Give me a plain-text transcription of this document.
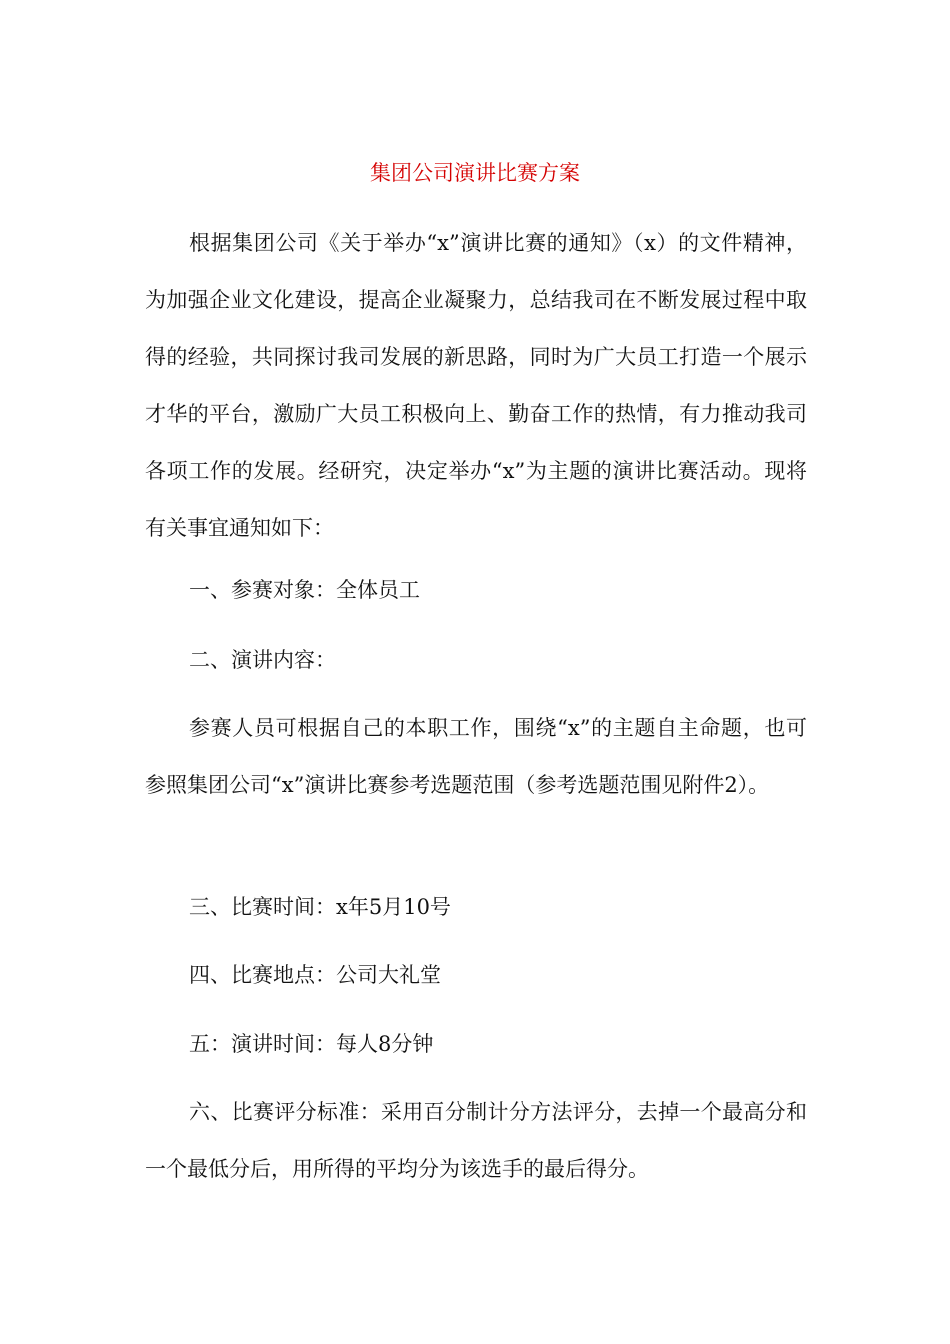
集团公司演讲比赛方案

根据集团公司《关于举办“x”演讲比赛的通知》（x）的文件精神，为加强企业文化建设，提高企业凝聚力，总结我司在不断发展过程中取得的经验，共同探讨我司发展的新思路，同时为广大员工打造一个展示才华的平台，激励广大员工积极向上、勤奋工作的热情，有力推动我司各项工作的发展。经研究，决定举办“x”为主题的演讲比赛活动。现将有关事宜通知如下：

一、参赛对象：全体员工

二、演讲内容：

参赛人员可根据自己的本职工作，围绕“x”的主题自主命题，也可参照集团公司“x”演讲比赛参考选题范围（参考选题范围见附件2）。

三、比赛时间：x年5月10号

四、比赛地点：公司大礼堂

五：演讲时间：每人8分钟

六、比赛评分标准：采用百分制计分方法评分，去掉一个最高分和一个最低分后，用所得的平均分为该选手的最后得分。
